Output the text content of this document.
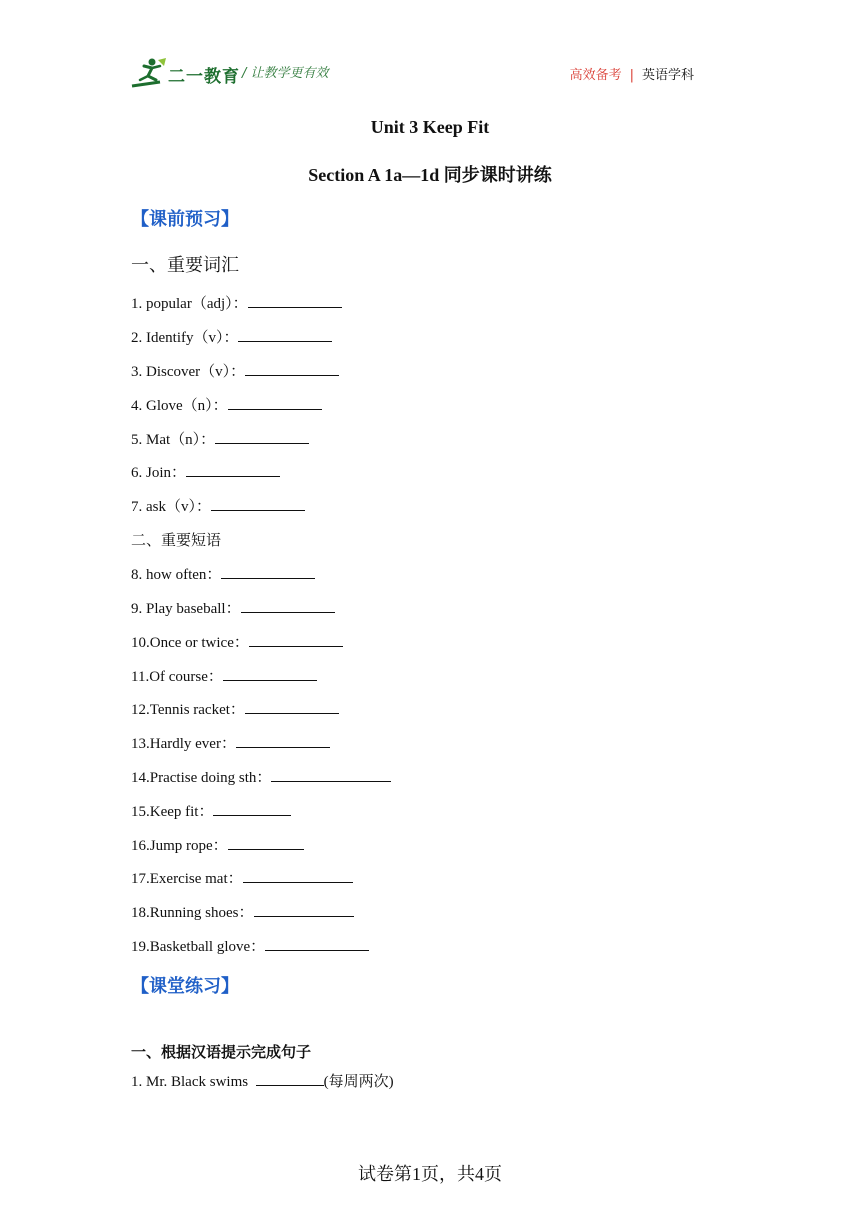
二一教育 / 让教学更有效	高效备考 | 英语学科
Unit 3 Keep Fit
Section A 1a—1d 同步课时讲练
【课前预习】
一、重要词汇
1. popular（adj）：
2. Identify（v）：
3. Discover（v）：
4. Glove（n）：
5. Mat（n）：
6. Join：
7. ask（v）：
二、重要短语
8. how often：
9. Play baseball：
10.Once or twice：
11.Of course：
12.Tennis racket：
13.Hardly ever：
14.Practise doing sth：
15.Keep fit：
16.Jump rope：
17.Exercise mat：
18.Running shoes：
19.Basketball glove：
【课堂练习】
一、根据汉语提示完成句子
1. Mr. Black swims	(每周两次)
试卷第1页，共4页
